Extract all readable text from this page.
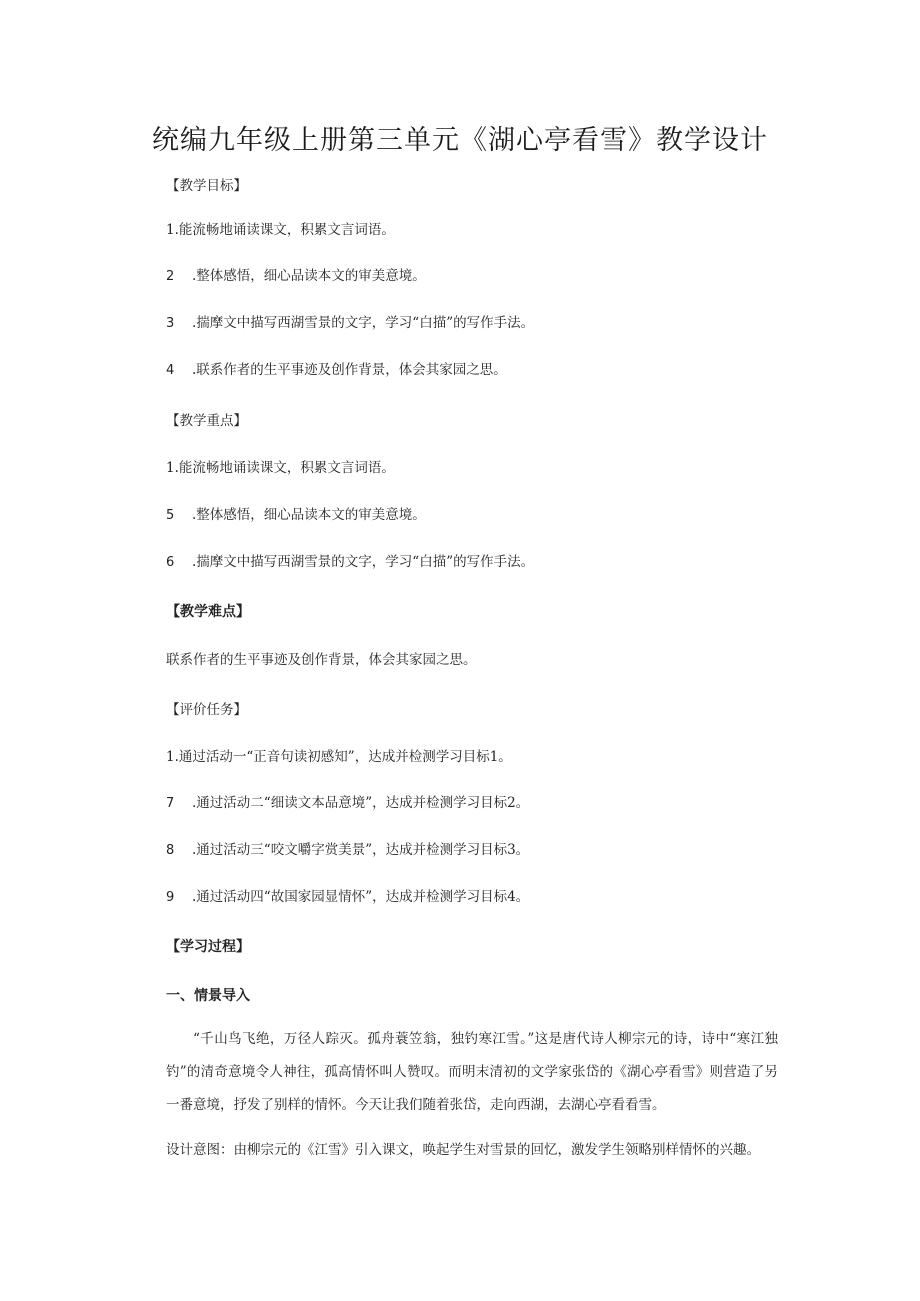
统编九年级上册第三单元《湖心亭看雪》教学设计
【教学目标】
1.能流畅地诵读课文，积累文言词语。
2 .整体感悟，细心品读本文的审美意境。
3 .揣摩文中描写西湖雪景的文字，学习“白描”的写作手法。
4 .联系作者的生平事迹及创作背景，体会其家园之思。
【教学重点】
1.能流畅地诵读课文，积累文言词语。
5 .整体感悟，细心品读本文的审美意境。
6 .揣摩文中描写西湖雪景的文字，学习“白描”的写作手法。
【教学难点】
联系作者的生平事迹及创作背景，体会其家园之思。
【评价任务】
1.通过活动一“正音句读初感知”，达成并检测学习目标1。
7 .通过活动二“细读文本品意境”，达成并检测学习目标2。
8 .通过活动三“咬文嚼字赏美景”，达成并检测学习目标3。
9 .通过活动四“故国家园显情怀”，达成并检测学习目标4。
【学习过程】
一、情景导入
“千山鸟飞绝，万径人踪灭。孤舟蓑笠翁，独钓寒江雪。”这是唐代诗人柳宗元的诗，诗中“寒江独钓”的清奇意境令人神往，孤高情怀叫人赞叹。而明末清初的文学家张岱的《湖心亭看雪》则营造了另一番意境，抒发了别样的情怀。今天让我们随着张岱，走向西湖，去湖心亭看看雪。
设计意图：由柳宗元的《江雪》引入课文，唤起学生对雪景的回忆，激发学生领略别样情怀的兴趣。
